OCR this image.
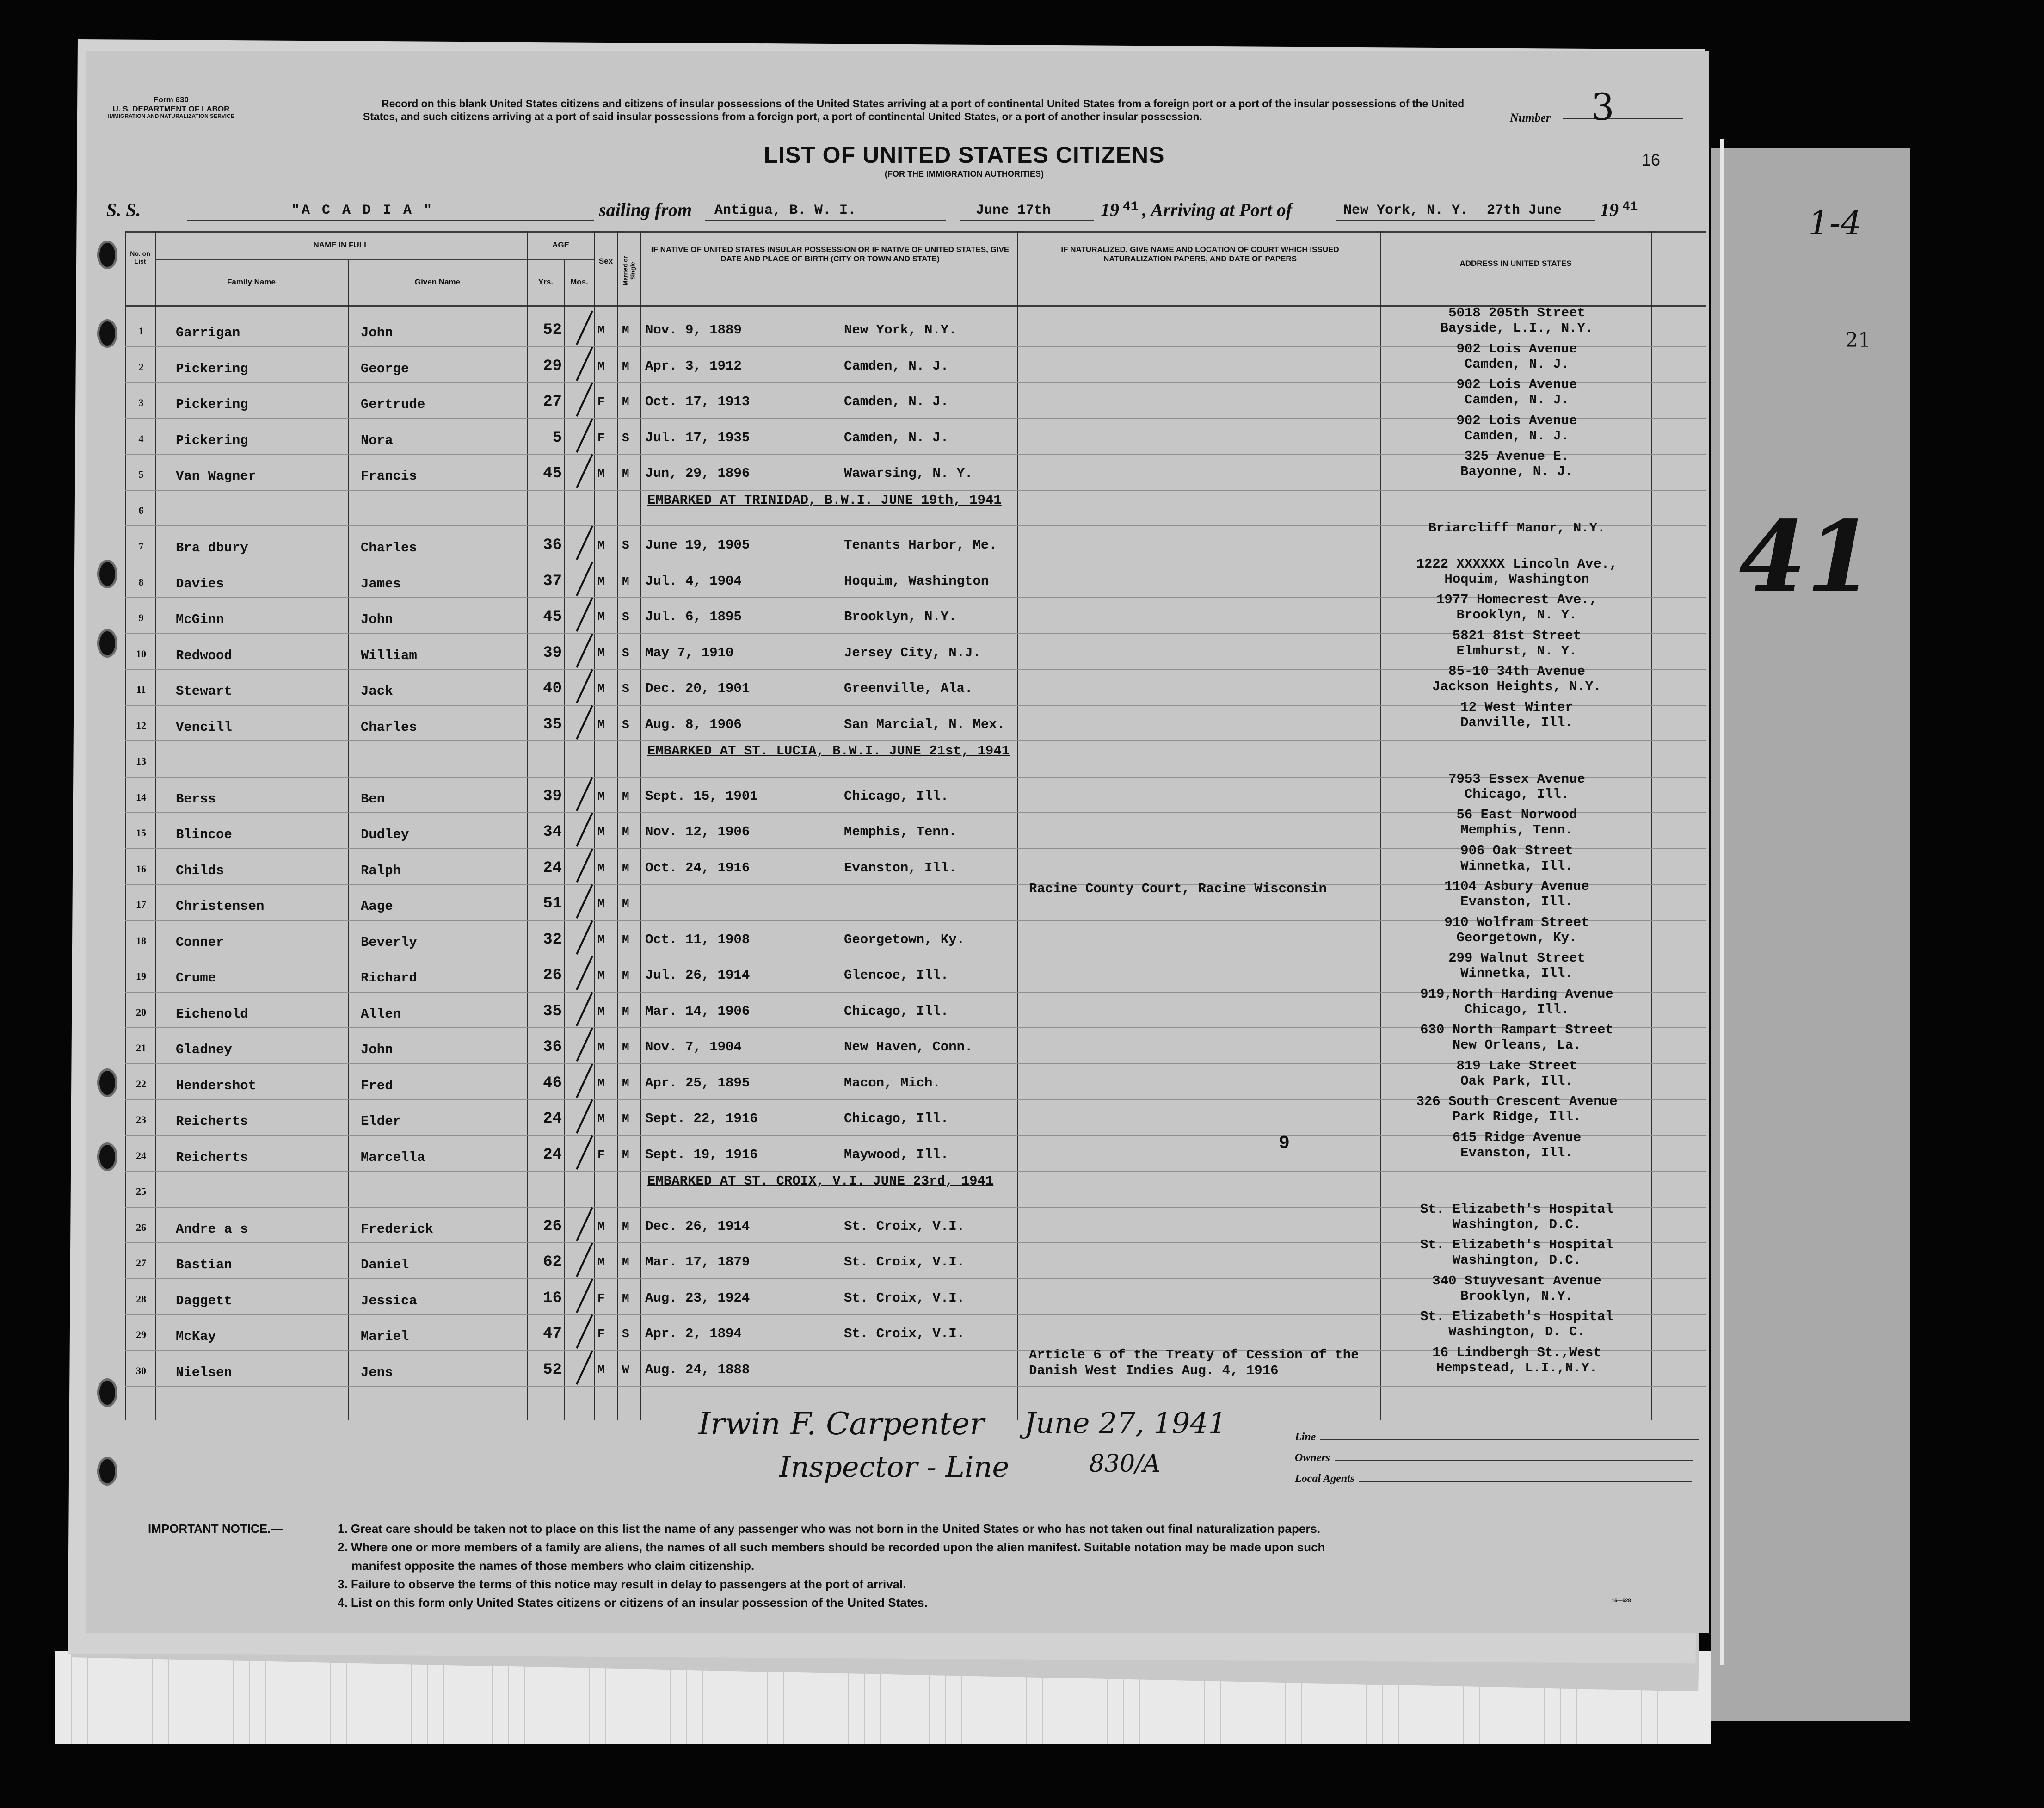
1-4
21
41
Form 630
U. S. DEPARTMENT OF LABOR
IMMIGRATION AND NATURALIZATION SERVICE
Record on this blank United States citizens and citizens of insular possessions of the United States arriving at a port of continental United States from a foreign port or a port of the insular possessions of the United States, and such citizens arriving at a port of said insular possessions from a foreign port, a port of continental United States, or a port of another insular possession.	Number 3
16
LIST OF UNITED STATES CITIZENS
(FOR THE IMMIGRATION AUTHORITIES)
S. S.	"A C A D I A "	sailing from Antigua, B. W. I.	June 17th	19 41 , Arriving at Port of	New York, N. Y. 27th June 19 41
No. on List
NAME IN FULL
Family Name	Given Name
AGE
Yrs.	Mos.
Sex	Married or Single
IF NATIVE OF UNITED STATES INSULAR POSSESSION OR IF NATIVE OF UNITED STATES, GIVE DATE AND PLACE OF BIRTH (CITY OR TOWN AND STATE)
IF NATURALIZED, GIVE NAME AND LOCATION OF COURT WHICH ISSUED NATURALIZATION PAPERS, AND DATE OF PAPERS
ADDRESS IN UNITED STATES
1	Garrigan	John	52	M M Nov. 9, 1889	New York, N.Y.
5018 205th Street
Bayside, L.I., N.Y.
2	Pickering	George	29	M M Apr. 3, 1912	Camden, N. J.
902 Lois Avenue
Camden, N. J.
3	Pickering	Gertrude	27	F M Oct. 17, 1913	Camden, N. J.
902 Lois Avenue
Camden, N. J.
4	Pickering	Nora	5	F S Jul. 17, 1935	Camden, N. J.
902 Lois Avenue
Camden, N. J.
5	Van Wagner	Francis	45	M M Jun, 29, 1896	Wawarsing, N. Y.
325 Avenue E.
Bayonne, N. J.
6
EMBARKED AT TRINIDAD, B.W.I. JUNE 19th, 1941
7	Bra dbury	Charles	36	M S June 19, 1905	Tenants Harbor, Me.
Briarcliff Manor, N.Y.
8	Davies	James	37	M M Jul. 4, 1904	Hoquim, Washington
1222 XXXXXX Lincoln Ave.,
Hoquim, Washington
9	McGinn	John	45	M S Jul. 6, 1895	Brooklyn, N.Y.
1977 Homecrest Ave.,
Brooklyn, N. Y.
10	Redwood	William	39	M S May 7, 1910	Jersey City, N.J.
5821 81st Street
Elmhurst, N. Y.
11	Stewart	Jack	40	M S Dec. 20, 1901	Greenville, Ala.
85-10 34th Avenue
Jackson Heights, N.Y.
12	Vencill	Charles	35	M S Aug. 8, 1906	San Marcial, N. Mex.
12 West Winter
Danville, Ill.
13
EMBARKED AT ST. LUCIA, B.W.I. JUNE 21st, 1941
14	Berss	Ben	39	M M Sept. 15, 1901	Chicago, Ill.
7953 Essex Avenue
Chicago, Ill.
15	Blincoe	Dudley	34	M M Nov. 12, 1906	Memphis, Tenn.
56 East Norwood
Memphis, Tenn.
16	Childs	Ralph	24	M M Oct. 24, 1916	Evanston, Ill.
906 Oak Street
Winnetka, Ill.
17	Christensen	Aage	51	M M
Racine County Court, Racine Wisconsin	1104 Asbury Avenue
Evanston, Ill.
18	Conner	Beverly	32	M M Oct. 11, 1908	Georgetown, Ky.
910 Wolfram Street
Georgetown, Ky.
19	Crume	Richard	26	M M Jul. 26, 1914	Glencoe, Ill.
299 Walnut Street
Winnetka, Ill.
20	Eichenold	Allen	35	M M Mar. 14, 1906	Chicago, Ill.
919,North Harding Avenue
Chicago, Ill.
21	Gladney	John	36	M M Nov. 7, 1904	New Haven, Conn.
630 North Rampart Street
New Orleans, La.
22	Hendershot	Fred	46	M M Apr. 25, 1895	Macon, Mich.
819 Lake Street
Oak Park, Ill.
23	Reicherts	Elder	24	M M Sept. 22, 1916	Chicago, Ill.
326 South Crescent Avenue
Park Ridge, Ill.
24	Reicherts	Marcella	24	F M Sept. 19, 1916	Maywood, Ill.
615 Ridge Avenue
Evanston, Ill.
25
EMBARKED AT ST. CROIX, V.I. JUNE 23rd, 1941
26	Andre a s	Frederick	26	M M Dec. 26, 1914	St. Croix, V.I.
St. Elizabeth's Hospital
Washington, D.C.
27	Bastian	Daniel	62	M M Mar. 17, 1879	St. Croix, V.I.
St. Elizabeth's Hospital
Washington, D.C.
28	Daggett	Jessica	16	F M Aug. 23, 1924	St. Croix, V.I.
340 Stuyvesant Avenue
Brooklyn, N.Y.
29	McKay	Mariel	47	F S Apr. 2, 1894	St. Croix, V.I.
St. Elizabeth's Hospital
Washington, D. C.
30	Nielsen	Jens	52	M W Aug. 24, 1888
Article 6 of the Treaty of Cession of the Danish West Indies Aug. 4, 1916
16 Lindbergh St.,West
Hempstead, L.I.,N.Y.
9
Irwin F. Carpenter June 27, 1941
Inspector - Line	830/A
Line
Owners
Local Agents
IMPORTANT NOTICE.—	1. Great care should be taken not to place on this list the name of any passenger who was not born in the United States or who has not taken out final naturalization papers.
2. Where one or more members of a family are aliens, the names of all such members should be recorded upon the alien manifest. Suitable notation may be made upon such
manifest opposite the names of those members who claim citizenship.
3. Failure to observe the terms of this notice may result in delay to passengers at the port of arrival.
4. List on this form only United States citizens or citizens of an insular possession of the United States.	16—628
